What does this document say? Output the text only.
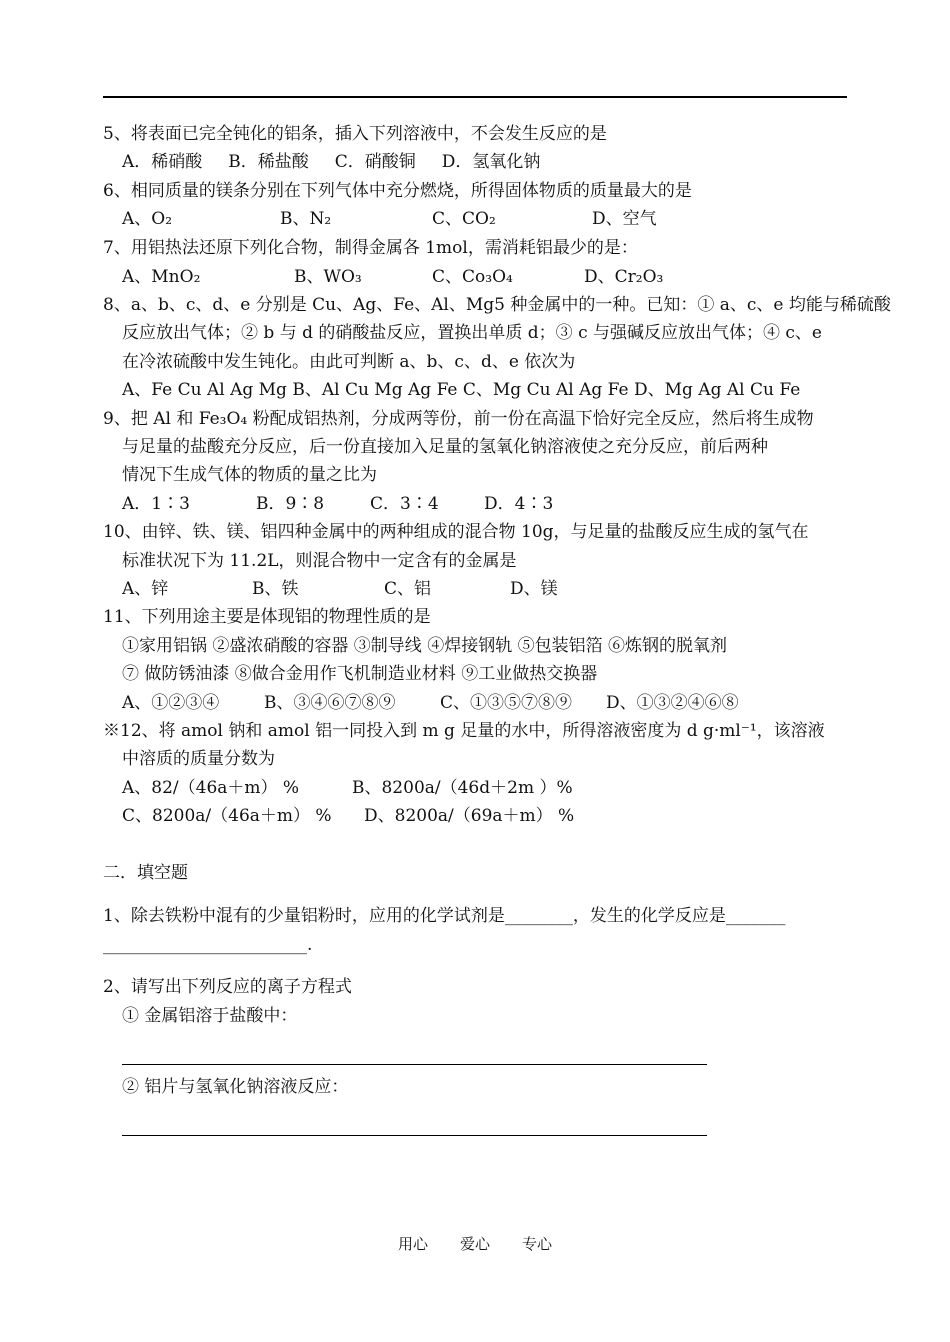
5、将表面已完全钝化的铝条，插入下列溶液中，不会发生反应的是
A．稀硝酸 B．稀盐酸 C．硝酸铜 D．氢氧化钠
6、相同质量的镁条分别在下列气体中充分燃烧，所得固体物质的质量最大的是
A、O₂	B、N₂	C、CO₂	D、空气
7、用铝热法还原下列化合物，制得金属各 1mol，需消耗铝最少的是：
A、MnO₂	B、WO₃	C、Co₃O₄	D、Cr₂O₃
8、a、b、c、d、e 分别是 Cu、Ag、Fe、Al、Mg5 种金属中的一种。已知：① a、c、e 均能与稀硫酸
反应放出气体；② b 与 d 的硝酸盐反应，置换出单质 d；③ c 与强碱反应放出气体；④ c、e
在冷浓硫酸中发生钝化。由此可判断 a、b、c、d、e 依次为
A、Fe Cu Al Ag Mg B、Al Cu Mg Ag Fe C、Mg Cu Al Ag Fe D、Mg Ag Al Cu Fe
9、把 Al 和 Fe₃O₄ 粉配成铝热剂，分成两等份，前一份在高温下恰好完全反应，然后将生成物
与足量的盐酸充分反应，后一份直接加入足量的氢氧化钠溶液使之充分反应，前后两种
情况下生成气体的物质的量之比为
A．1∶3	B．9∶8	C．3∶4	D．4∶3
10、由锌、铁、镁、铝四种金属中的两种组成的混合物 10g，与足量的盐酸反应生成的氢气在
标准状况下为 11.2L，则混合物中一定含有的金属是
A、锌	B、铁	C、铝	D、镁
11、下列用途主要是体现铝的物理性质的是
①家用铝锅 ②盛浓硝酸的容器 ③制导线 ④焊接钢轨 ⑤包装铝箔 ⑥炼钢的脱氧剂
⑦ 做防锈油漆 ⑧做合金用作飞机制造业材料 ⑨工业做热交换器
A、①②③④	B、③④⑥⑦⑧⑨	C、①③⑤⑦⑧⑨ D、①③②④⑥⑧
※12、将 amol 钠和 amol 铝一同投入到 m g 足量的水中，所得溶液密度为 d g·ml⁻¹，该溶液
中溶质的质量分数为
A、82/（46a＋m） %	B、8200a/（46d＋2m ）%
C、8200a/（46a＋m） % D、8200a/（69a＋m） %
二．填空题
1、除去铁粉中混有的少量铝粉时，应用的化学试剂是________，发生的化学反应是_______
________________________.
2、请写出下列反应的离子方程式
① 金属铝溶于盐酸中：
② 铝片与氢氧化钠溶液反应：
用心 爱心 专心
